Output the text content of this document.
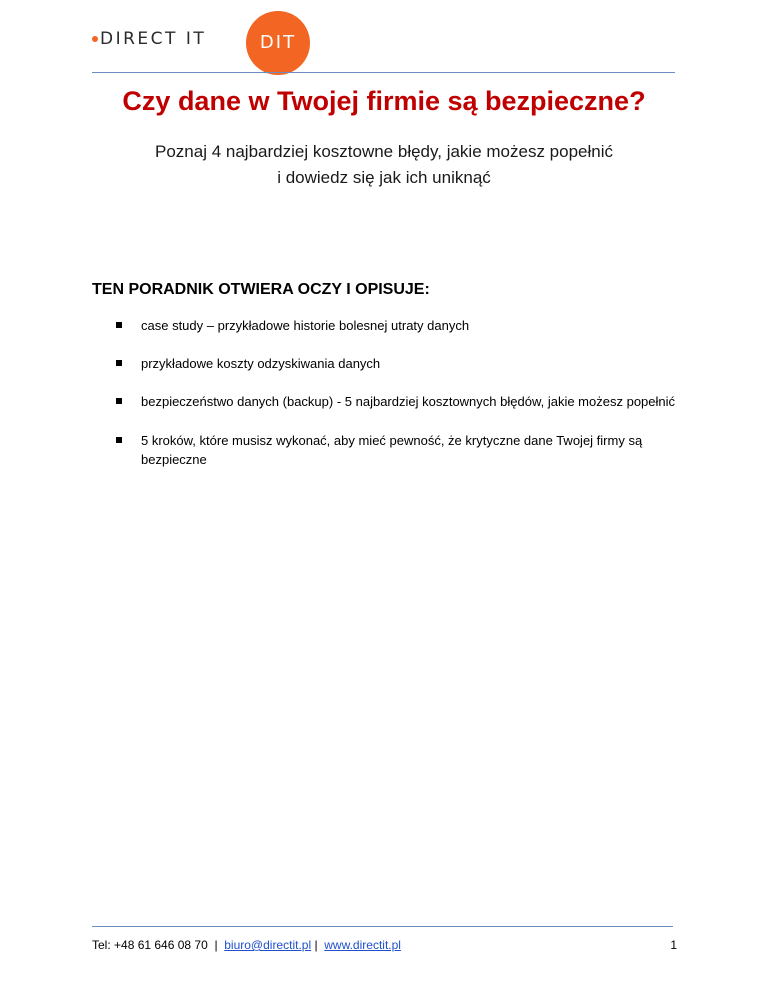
DIRECT IT	DIT
Czy dane w Twojej firmie są bezpieczne?

Poznaj 4 najbardziej kosztowne błędy, jakie możesz popełnić

i dowiedz się jak ich uniknąć

TEN PORADNIK OTWIERA OCZY I OPISUJE:
case study – przykładowe historie bolesnej utraty danych
przykładowe koszty odzyskiwania danych
bezpieczeństwo danych (backup) - 5 najbardziej kosztownych błędów, jakie możesz popełnić
5 kroków, które musisz wykonać, aby mieć pewność, że krytyczne dane Twojej firmy są bezpieczne
Tel: +48 61 646 08 70 | biuro@directit.pl | www.directit.pl	1
